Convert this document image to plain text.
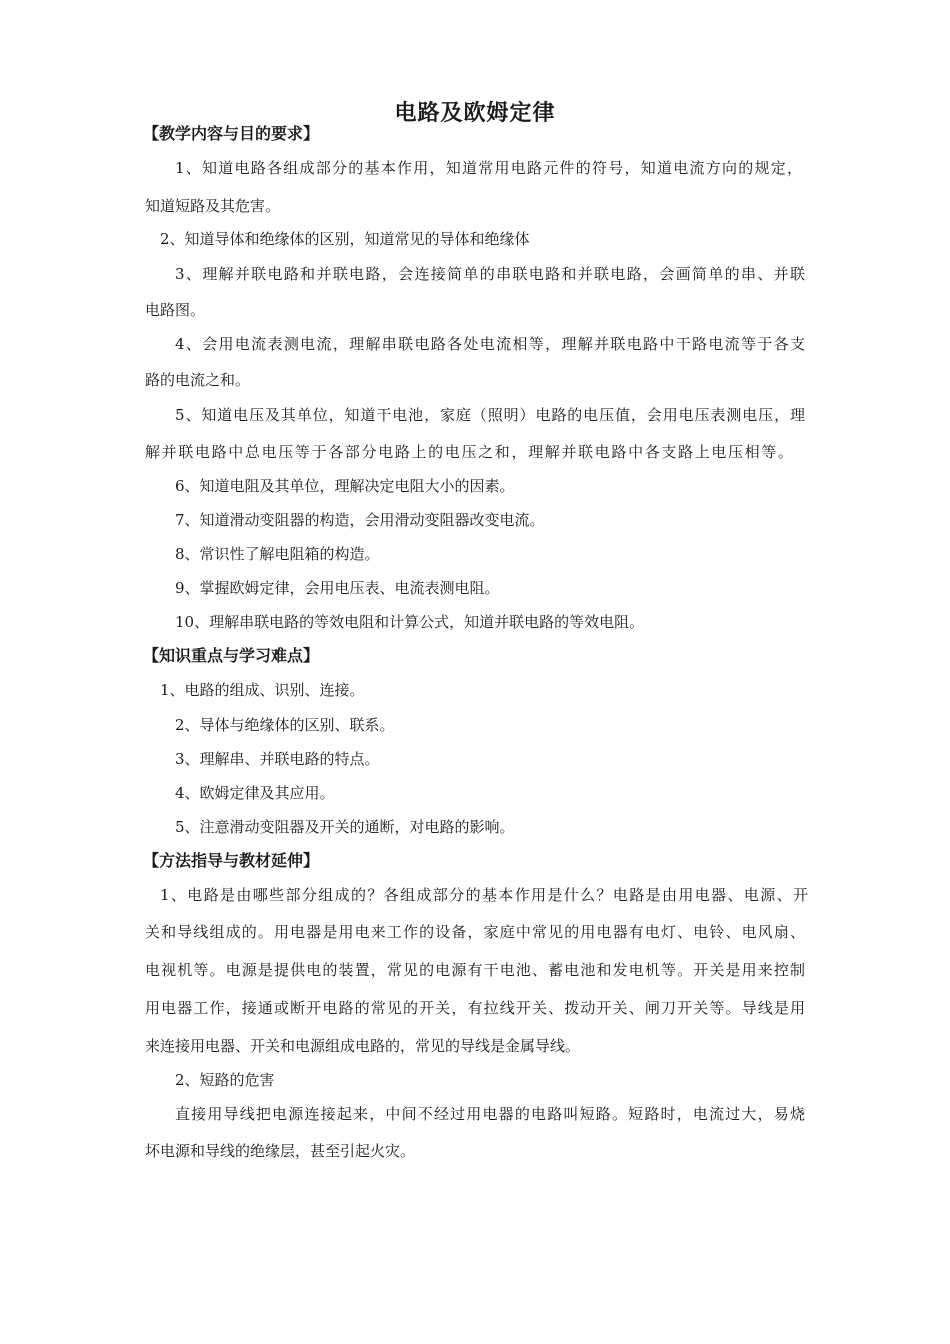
电路及欧姆定律
【教学内容与目的要求】
1、知道电路各组成部分的基本作用，知道常用电路元件的符号，知道电流方向的规定，
知道短路及其危害。
2、知道导体和绝缘体的区别，知道常见的导体和绝缘体
3、理解并联电路和并联电路，会连接简单的串联电路和并联电路，会画简单的串、并联
电路图。
4、会用电流表测电流，理解串联电路各处电流相等，理解并联电路中干路电流等于各支
路的电流之和。
5、知道电压及其单位，知道干电池，家庭（照明）电路的电压值，会用电压表测电压，理
解并联电路中总电压等于各部分电路上的电压之和，理解并联电路中各支路上电压相等。
6、知道电阻及其单位，理解决定电阻大小的因素。
7、知道滑动变阻器的构造，会用滑动变阻器改变电流。
8、常识性了解电阻箱的构造。
9、掌握欧姆定律，会用电压表、电流表测电阻。
10、理解串联电路的等效电阻和计算公式，知道并联电路的等效电阻。
【知识重点与学习难点】
1、电路的组成、识别、连接。
2、导体与绝缘体的区别、联系。
3、理解串、并联电路的特点。
4、欧姆定律及其应用。
5、注意滑动变阻器及开关的通断，对电路的影响。
【方法指导与教材延伸】
1、电路是由哪些部分组成的？各组成部分的基本作用是什么？电路是由用电器、电源、开
关和导线组成的。用电器是用电来工作的设备，家庭中常见的用电器有电灯、电铃、电风扇、
电视机等。电源是提供电的装置，常见的电源有干电池、蓄电池和发电机等。开关是用来控制
用电器工作，接通或断开电路的常见的开关，有拉线开关、拨动开关、闸刀开关等。导线是用
来连接用电器、开关和电源组成电路的，常见的导线是金属导线。
2、短路的危害
直接用导线把电源连接起来，中间不经过用电器的电路叫短路。短路时，电流过大，易烧
坏电源和导线的绝缘层，甚至引起火灾。
